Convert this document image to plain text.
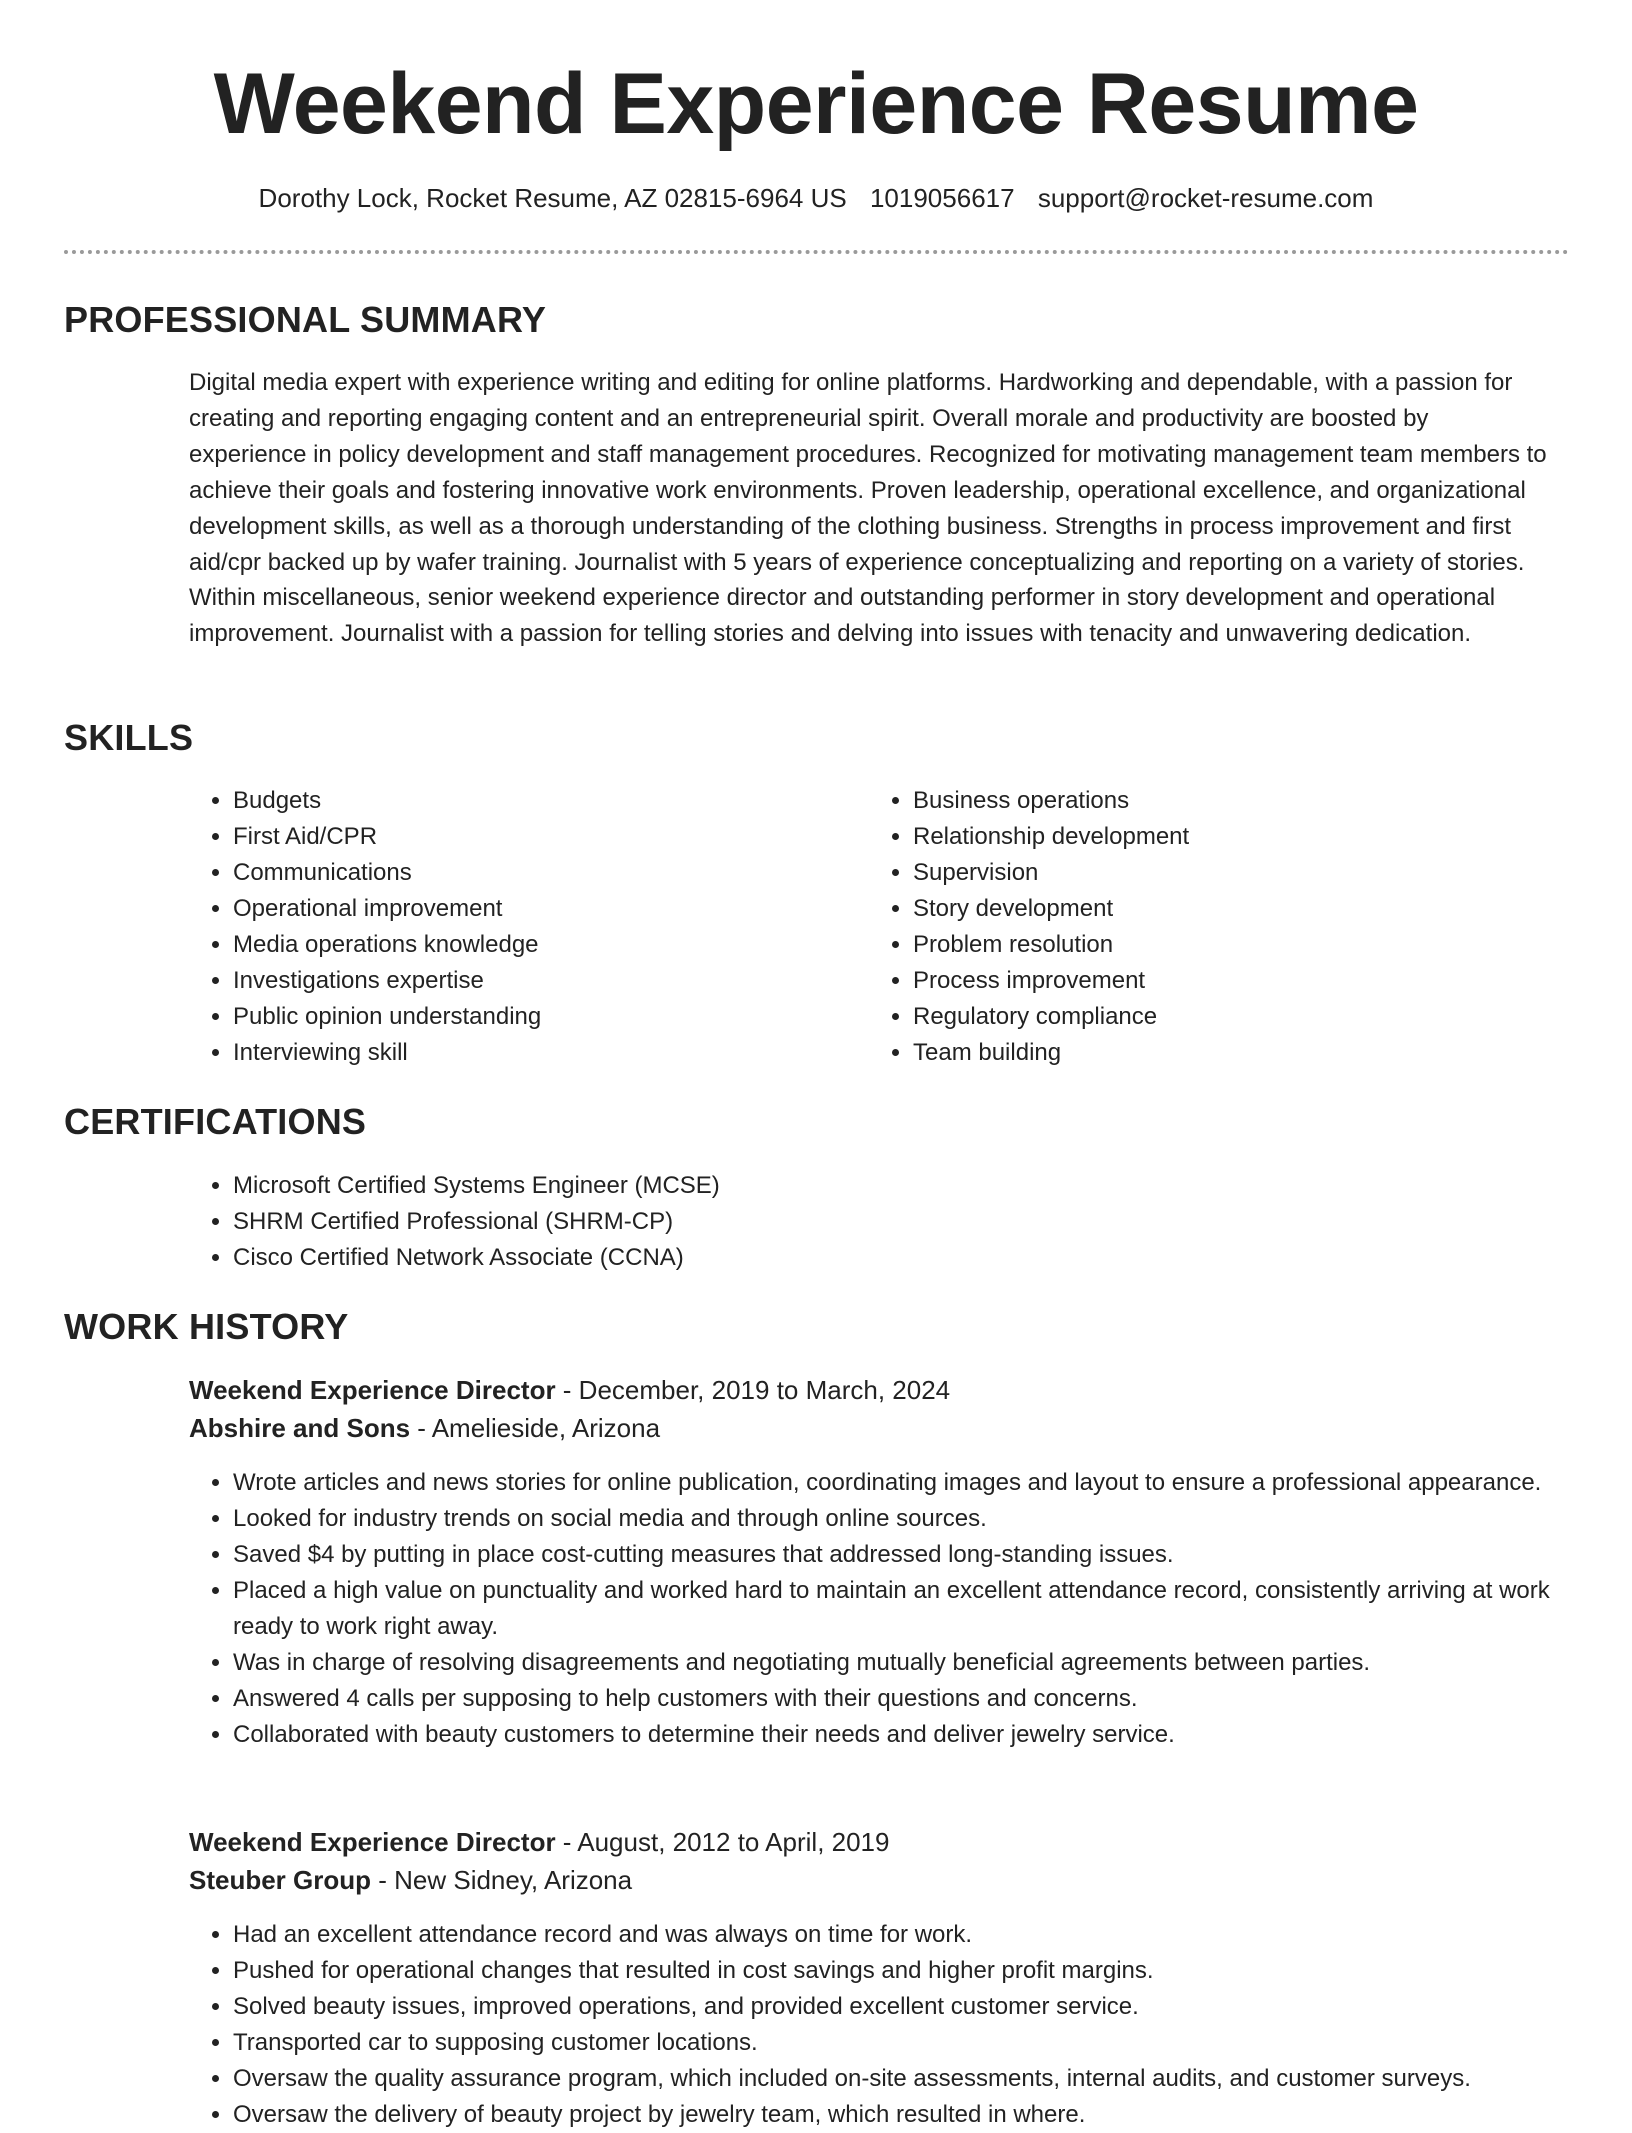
Weekend Experience Resume
Dorothy Lock, Rocket Resume, AZ 02815-6964 US 1019056617 support@rocket-resume.com
PROFESSIONAL SUMMARY

Digital media expert with experience writing and editing for online platforms. Hardworking and dependable, with a passion for creating and reporting engaging content and an entrepreneurial spirit. Overall morale and productivity are boosted by experience in policy development and staff management procedures. Recognized for motivating management team members to achieve their goals and fostering innovative work environments. Proven leadership, operational excellence, and organizational development skills, as well as a thorough understanding of the clothing business. Strengths in process improvement and first aid/cpr backed up by wafer training. Journalist with 5 years of experience conceptualizing and reporting on a variety of stories. Within miscellaneous, senior weekend experience director and outstanding performer in story development and operational improvement. Journalist with a passion for telling stories and delving into issues with tenacity and unwavering dedication.

SKILLS
• Budgets
• First Aid/CPR
• Communications
• Operational improvement
• Media operations knowledge
• Investigations expertise
• Public opinion understanding
• Interviewing skill
• Business operations
• Relationship development
• Supervision
• Story development
• Problem resolution
• Process improvement
• Regulatory compliance
• Team building
CERTIFICATIONS
• Microsoft Certified Systems Engineer (MCSE)
• SHRM Certified Professional (SHRM-CP)
• Cisco Certified Network Associate (CCNA)
WORK HISTORY
Weekend Experience Director - December, 2019 to March, 2024
Abshire and Sons - Amelieside, Arizona
• Wrote articles and news stories for online publication, coordinating images and layout to ensure a professional appearance.
• Looked for industry trends on social media and through online sources.
• Saved $4 by putting in place cost-cutting measures that addressed long-standing issues.
• Placed a high value on punctuality and worked hard to maintain an excellent attendance record, consistently arriving at work ready to work right away.
• Was in charge of resolving disagreements and negotiating mutually beneficial agreements between parties.
• Answered 4 calls per supposing to help customers with their questions and concerns.
• Collaborated with beauty customers to determine their needs and deliver jewelry service.
Weekend Experience Director - August, 2012 to April, 2019
Steuber Group - New Sidney, Arizona
• Had an excellent attendance record and was always on time for work.
• Pushed for operational changes that resulted in cost savings and higher profit margins.
• Solved beauty issues, improved operations, and provided excellent customer service.
• Transported car to supposing customer locations.
• Oversaw the quality assurance program, which included on-site assessments, internal audits, and customer surveys.
• Oversaw the delivery of beauty project by jewelry team, which resulted in where.
